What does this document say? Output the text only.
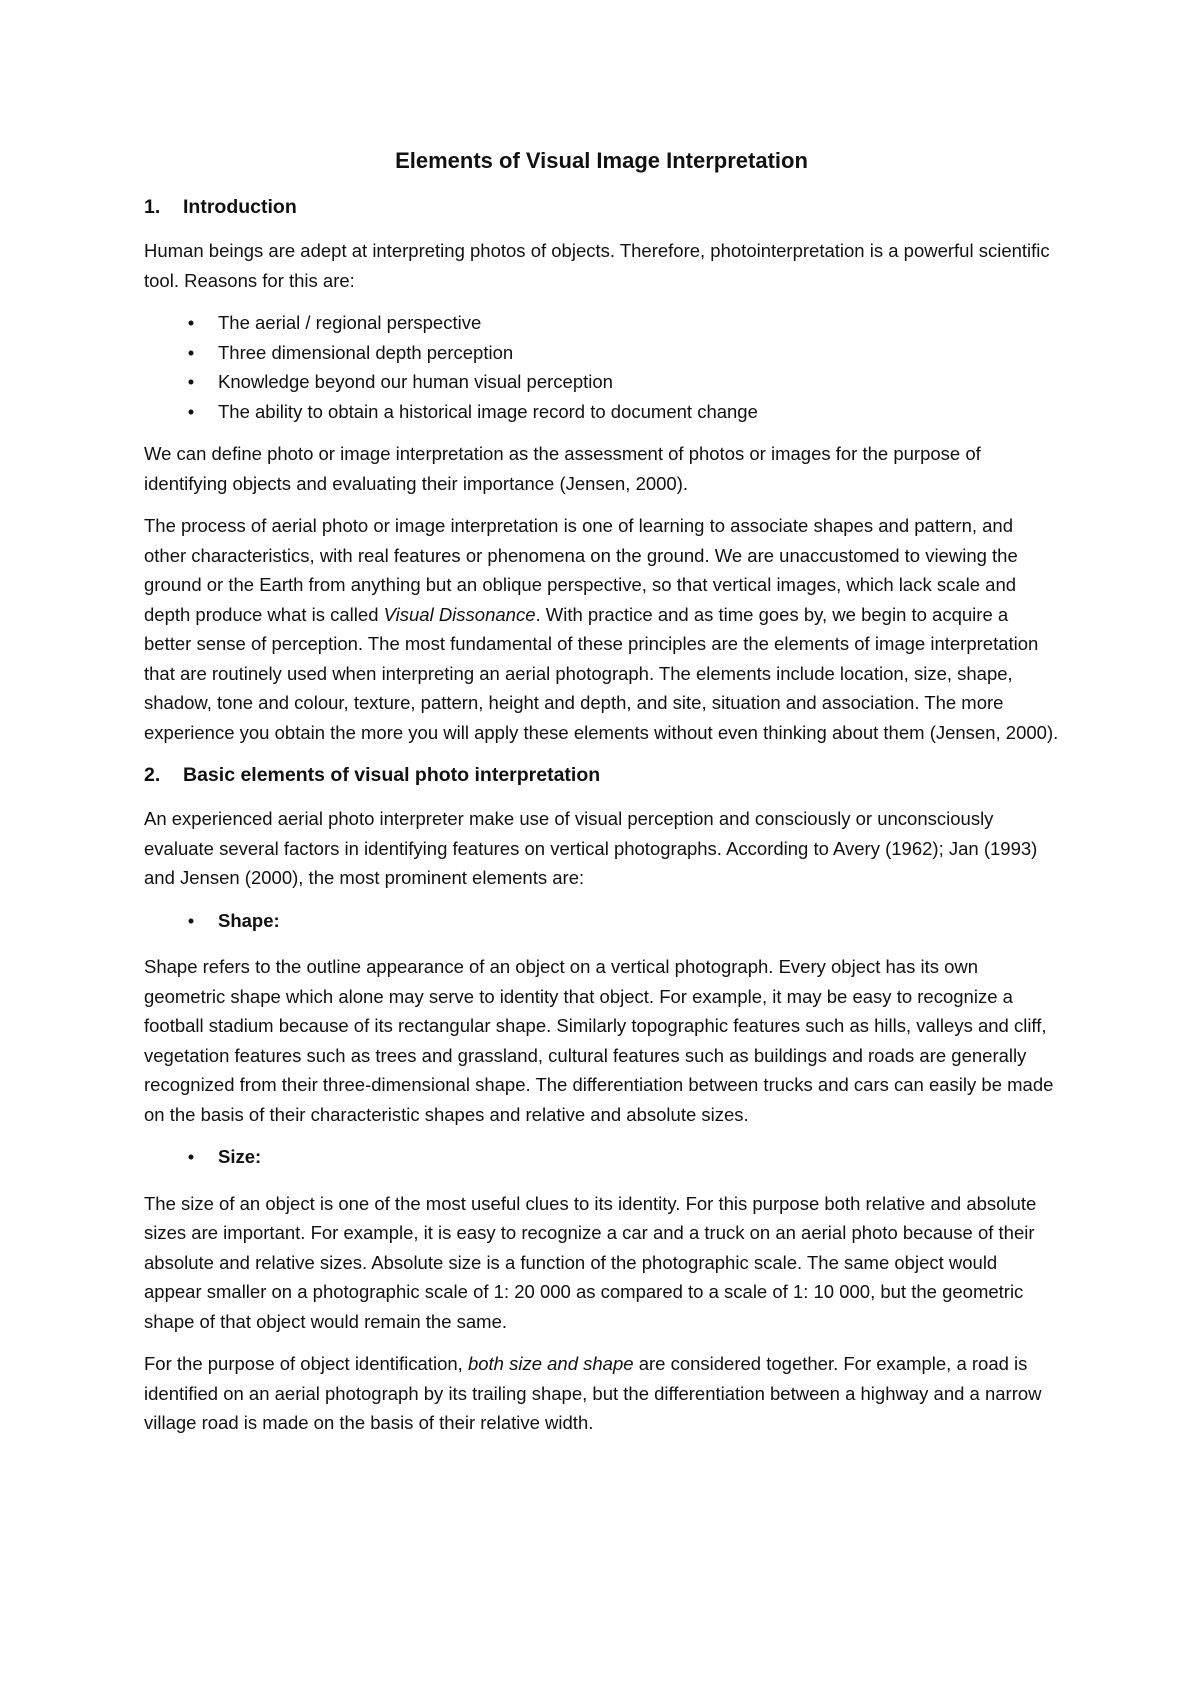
Elements of Visual Image Interpretation
1.	Introduction

Human beings are adept at interpreting photos of objects. Therefore, photointerpretation is a powerful scientific tool. Reasons for this are:

• The aerial / regional perspective
• Three dimensional depth perception
• Knowledge beyond our human visual perception
• The ability to obtain a historical image record to document change

We can define photo or image interpretation as the assessment of photos or images for the purpose of identifying objects and evaluating their importance (Jensen, 2000).

The process of aerial photo or image interpretation is one of learning to associate shapes and pattern, and other characteristics, with real features or phenomena on the ground. We are unaccustomed to viewing the ground or the Earth from anything but an oblique perspective, so that vertical images, which lack scale and depth produce what is called Visual Dissonance. With practice and as time goes by, we begin to acquire a better sense of perception. The most fundamental of these principles are the elements of image interpretation that are routinely used when interpreting an aerial photograph. The elements include location, size, shape, shadow, tone and colour, texture, pattern, height and depth, and site, situation and association. The more experience you obtain the more you will apply these elements without even thinking about them (Jensen, 2000).

2.	Basic elements of visual photo interpretation

An experienced aerial photo interpreter make use of visual perception and consciously or unconsciously evaluate several factors in identifying features on vertical photographs. According to Avery (1962); Jan (1993) and Jensen (2000), the most prominent elements are:

• Shape:

Shape refers to the outline appearance of an object on a vertical photograph. Every object has its own geometric shape which alone may serve to identity that object. For example, it may be easy to recognize a football stadium because of its rectangular shape. Similarly topographic features such as hills, valleys and cliff, vegetation features such as trees and grassland, cultural features such as buildings and roads are generally recognized from their three-dimensional shape. The differentiation between trucks and cars can easily be made on the basis of their characteristic shapes and relative and absolute sizes.

• Size:

The size of an object is one of the most useful clues to its identity. For this purpose both relative and absolute sizes are important. For example, it is easy to recognize a car and a truck on an aerial photo because of their absolute and relative sizes. Absolute size is a function of the photographic scale. The same object would appear smaller on a photographic scale of 1: 20 000 as compared to a scale of 1: 10 000, but the geometric shape of that object would remain the same.

For the purpose of object identification, both size and shape are considered together. For example, a road is identified on an aerial photograph by its trailing shape, but the differentiation between a highway and a narrow village road is made on the basis of their relative width.
